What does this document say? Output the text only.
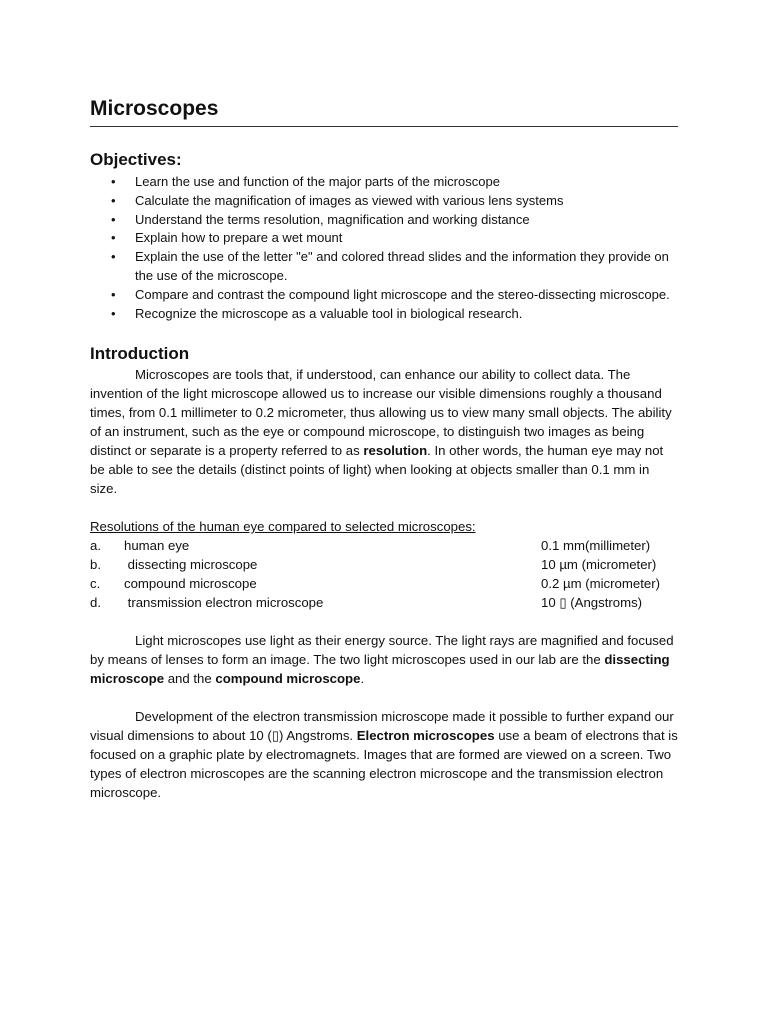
Microscopes
Objectives:
• Learn the use and function of the major parts of the microscope
• Calculate the magnification of images as viewed with various lens systems
• Understand the terms resolution, magnification and working distance
• Explain how to prepare a wet mount
• Explain the use of the letter "e" and colored thread slides and the information they provide on the use of the microscope.
• Compare and contrast the compound light microscope and the stereo-dissecting microscope.
• Recognize the microscope as a valuable tool in biological research.
Introduction

Microscopes are tools that, if understood, can enhance our ability to collect data. The invention of the light microscope allowed us to increase our visible dimensions roughly a thousand times, from 0.1 millimeter to 0.2 micrometer, thus allowing us to view many small objects. The ability of an instrument, such as the eye or compound microscope, to distinguish two images as being distinct or separate is a property referred to as resolution. In other words, the human eye may not be able to see the details (distinct points of light) when looking at objects smaller than 0.1 mm in size.

Resolutions of the human eye compared to selected microscopes:
a.	human eye	0.1 mm(millimeter)
b.	dissecting microscope	10 µm (micrometer)
c.	compound microscope	0.2 µm (micrometer)
d.	transmission electron microscope	10 ▯ (Angstroms)

Light microscopes use light as their energy source. The light rays are magnified and focused by means of lenses to form an image. The two light microscopes used in our lab are the dissecting microscope and the compound microscope.

Development of the electron transmission microscope made it possible to further expand our visual dimensions to about 10 (▯) Angstroms. Electron microscopes use a beam of electrons that is focused on a graphic plate by electromagnets. Images that are formed are viewed on a screen. Two types of electron microscopes are the scanning electron microscope and the transmission electron microscope.
